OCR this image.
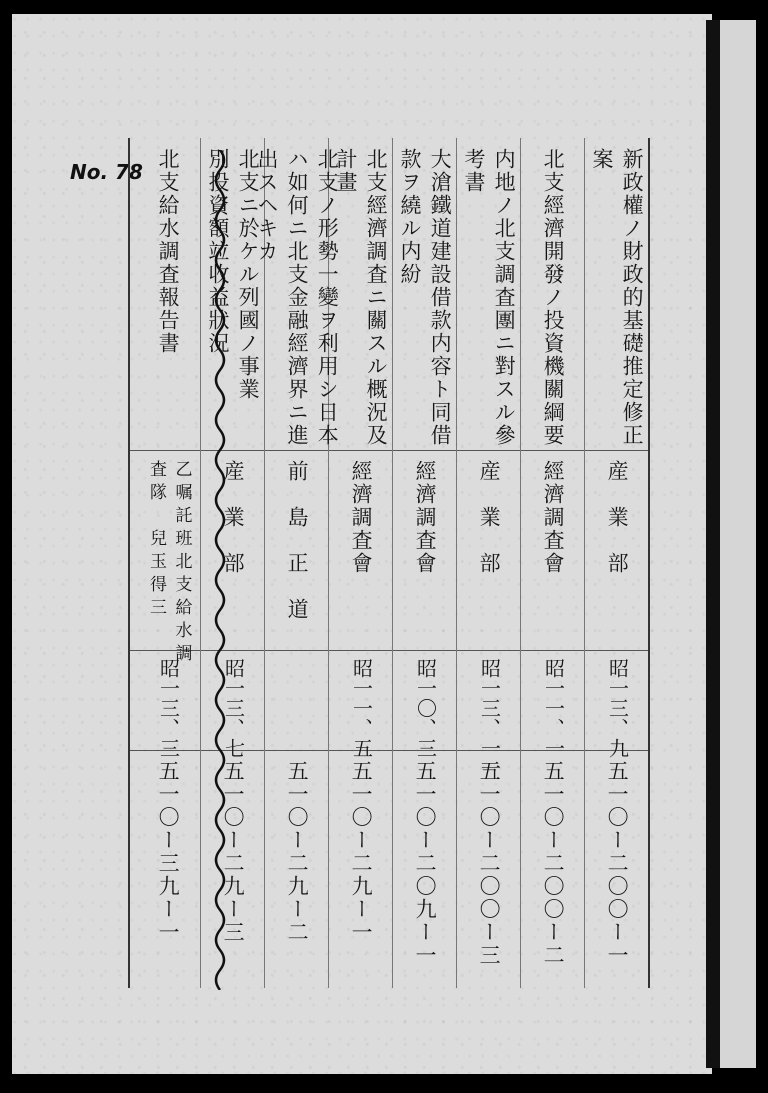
No. 78	新政權ノ財政的基礎推定修正
案
産　業　部
昭一三、九
五一〇ー二〇〇ー一
北支經濟開發ノ投資機關綱要
經濟調査會
昭一一、一
五一〇ー二〇〇ー二
内地ノ北支調査團ニ對スル參
考書
産　業　部
昭一三、一一
五一〇ー二〇〇ー三
大滄鐵道建設借款内容ト同借
款ヲ繞ル内紛
經濟調査會
昭一〇、三
五一〇ー二〇九ー一
北支經濟調査ニ關スル概況及
計畫
經濟調査會
昭一一、五
五一〇ー二九ー一
北支ノ形勢一變ヲ利用シ日本
ハ如何ニ北支金融經濟界ニ進
出スヘキカ
前　島　正　道
五一〇ー二九ー二
北支ニ於ケル列國ノ事業
別投資額竝收益狀況
産　業　部
昭一三、七
五一〇ー二九ー三
北支給水調査報告書
乙嘱託班北支給水調
査隊　兒玉得三
昭一三、三
五一〇ー三九ー一
